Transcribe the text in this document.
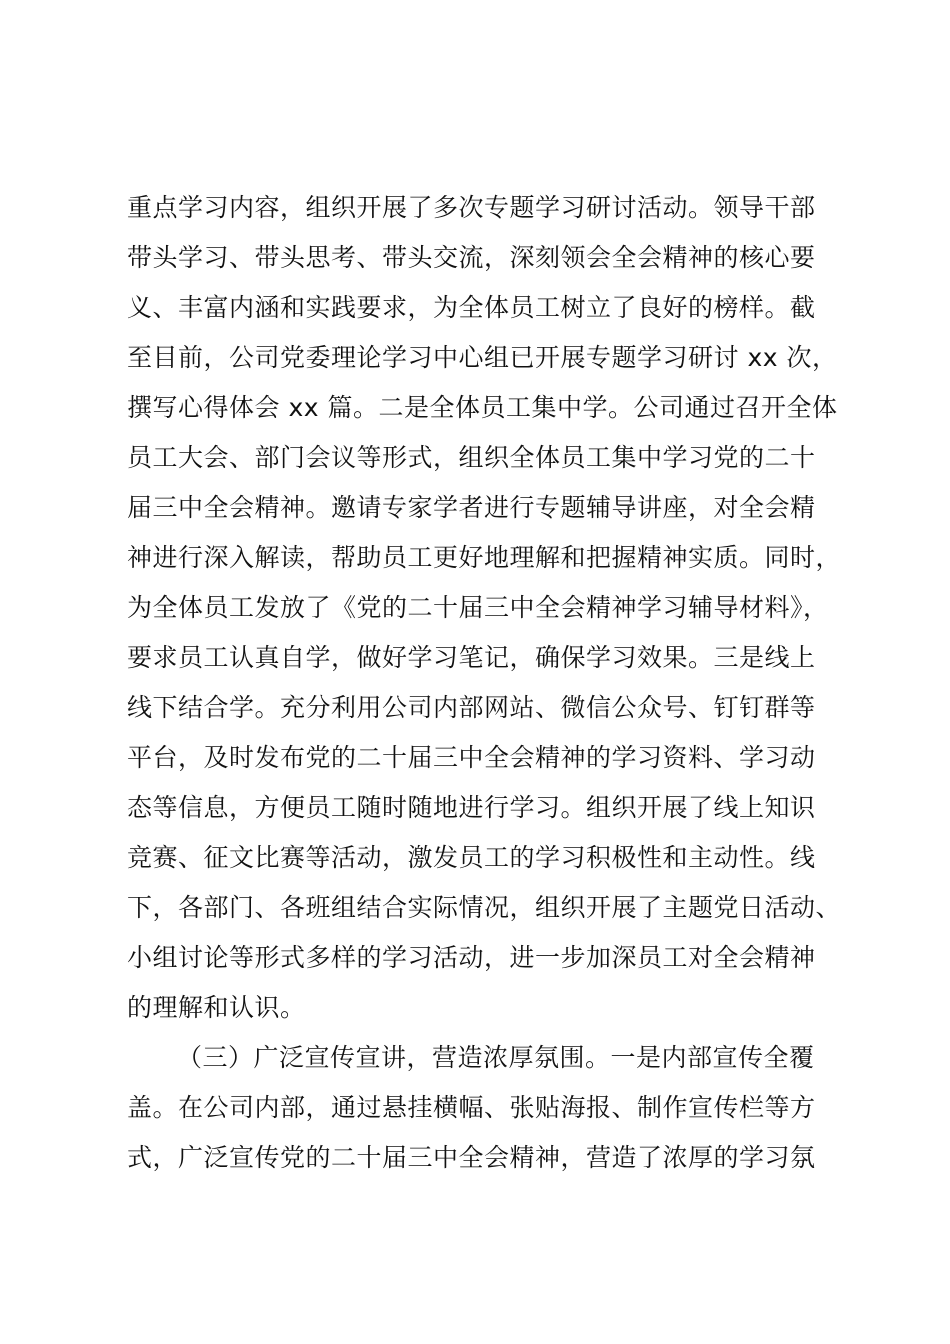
重点学习内容，组织开展了多次专题学习研讨活动。领导干部
带头学习、带头思考、带头交流，深刻领会全会精神的核心要
义、丰富内涵和实践要求，为全体员工树立了良好的榜样。截
至目前，公司党委理论学习中心组已开展专题学习研讨 xx 次，
撰写心得体会 xx 篇。二是全体员工集中学。公司通过召开全体
员工大会、部门会议等形式，组织全体员工集中学习党的二十
届三中全会精神。邀请专家学者进行专题辅导讲座，对全会精
神进行深入解读，帮助员工更好地理解和把握精神实质。同时，
为全体员工发放了《党的二十届三中全会精神学习辅导材料》，
要求员工认真自学，做好学习笔记，确保学习效果。三是线上
线下结合学。充分利用公司内部网站、微信公众号、钉钉群等
平台，及时发布党的二十届三中全会精神的学习资料、学习动
态等信息，方便员工随时随地进行学习。组织开展了线上知识
竞赛、征文比赛等活动，激发员工的学习积极性和主动性。线
下，各部门、各班组结合实际情况，组织开展了主题党日活动、
小组讨论等形式多样的学习活动，进一步加深员工对全会精神
的理解和认识。
（三）广泛宣传宣讲，营造浓厚氛围。一是内部宣传全覆
盖。在公司内部，通过悬挂横幅、张贴海报、制作宣传栏等方
式，广泛宣传党的二十届三中全会精神，营造了浓厚的学习氛
